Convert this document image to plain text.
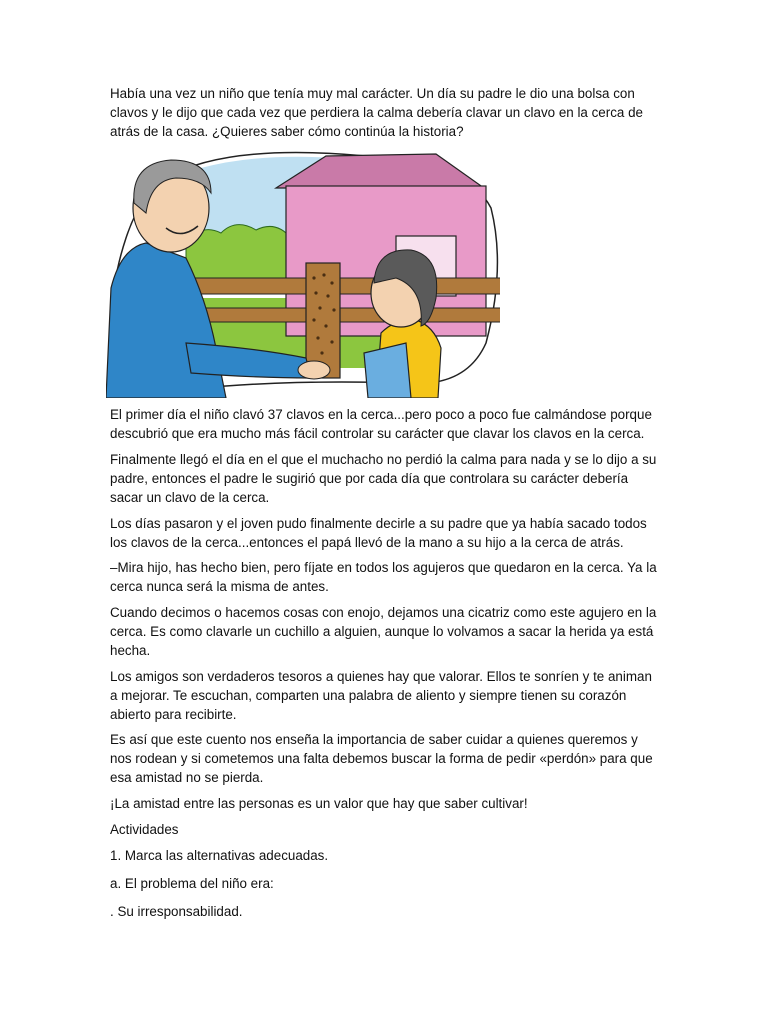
Había una vez un niño que tenía muy mal carácter. Un día su padre le dio una bolsa con clavos y le dijo que cada vez que perdiera la calma debería clavar un clavo en la cerca de atrás de la casa. ¿Quieres saber cómo continúa la historia?

El primer día el niño clavó 37 clavos en la cerca...pero poco a poco fue calmándose porque descubrió que era mucho más fácil controlar su carácter que clavar los clavos en la cerca.

Finalmente llegó el día en el que el muchacho no perdió la calma para nada y se lo dijo a su padre, entonces el padre le sugirió que por cada día que controlara su carácter debería sacar un clavo de la cerca.

Los días pasaron y el joven pudo finalmente decirle a su padre que ya había sacado todos los clavos de la cerca...entonces el papá llevó de la mano a su hijo a la cerca de atrás.

–Mira hijo, has hecho bien, pero fíjate en todos los agujeros que quedaron en la cerca. Ya la cerca nunca será la misma de antes.

Cuando decimos o hacemos cosas con enojo, dejamos una cicatriz como este agujero en la cerca. Es como clavarle un cuchillo a alguien, aunque lo volvamos a sacar la herida ya está hecha.

Los amigos son verdaderos tesoros a quienes hay que valorar. Ellos te sonríen y te animan a mejorar. Te escuchan, comparten una palabra de aliento y siempre tienen su corazón abierto para recibirte.

Es así que este cuento nos enseña la importancia de saber cuidar a quienes queremos y nos rodean y si cometemos una falta debemos buscar la forma de pedir «perdón» para que esa amistad no se pierda.

¡La amistad entre las personas es un valor que hay que saber cultivar!

Actividades

1. Marca las alternativas adecuadas.

a. El problema del niño era:

. Su irresponsabilidad.
